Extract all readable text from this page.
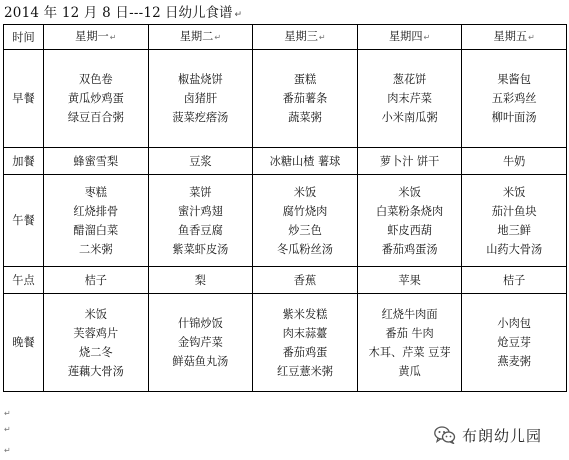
2014 年 12 月 8 日---12 日幼儿食谱 ↵
时间	星期一↵	星期二↵	星期三↵	星期四↵	星期五↵
早餐	双色卷
黄瓜炒鸡蛋
绿豆百合粥	椒盐烧饼
卤猪肝
菠菜疙瘩汤	蛋糕
番茄薯条
蔬菜粥	葱花饼
肉末芹菜
小米南瓜粥	果酱包
五彩鸡丝
柳叶面汤

加餐	蜂蜜雪梨	豆浆	冰糖山楂 薯球	萝卜汁 饼干	牛奶

午餐	枣糕
红烧排骨
醋溜白菜
二米粥	菜饼
蜜汁鸡翅
鱼香豆腐
紫菜虾皮汤	米饭
腐竹烧肉
炒三色
冬瓜粉丝汤	米饭
白菜粉条烧肉
虾皮西葫
番茄鸡蛋汤	米饭
茄汁鱼块
地三鲜
山药大骨汤

午点	桔子	梨	香蕉	苹果	桔子

晚餐	米饭
芙蓉鸡片
烧二冬
莲藕大骨汤	什锦炒饭
金钩芹菜
鲜菇鱼丸汤	紫米发糕
肉末蒜薹
番茄鸡蛋
红豆薏米粥	红烧牛肉面
番茄 牛肉
木耳、芹菜 豆芽
黄瓜	小肉包
炝豆芽
燕麦粥
↵
↵
↵
布朗幼儿园
